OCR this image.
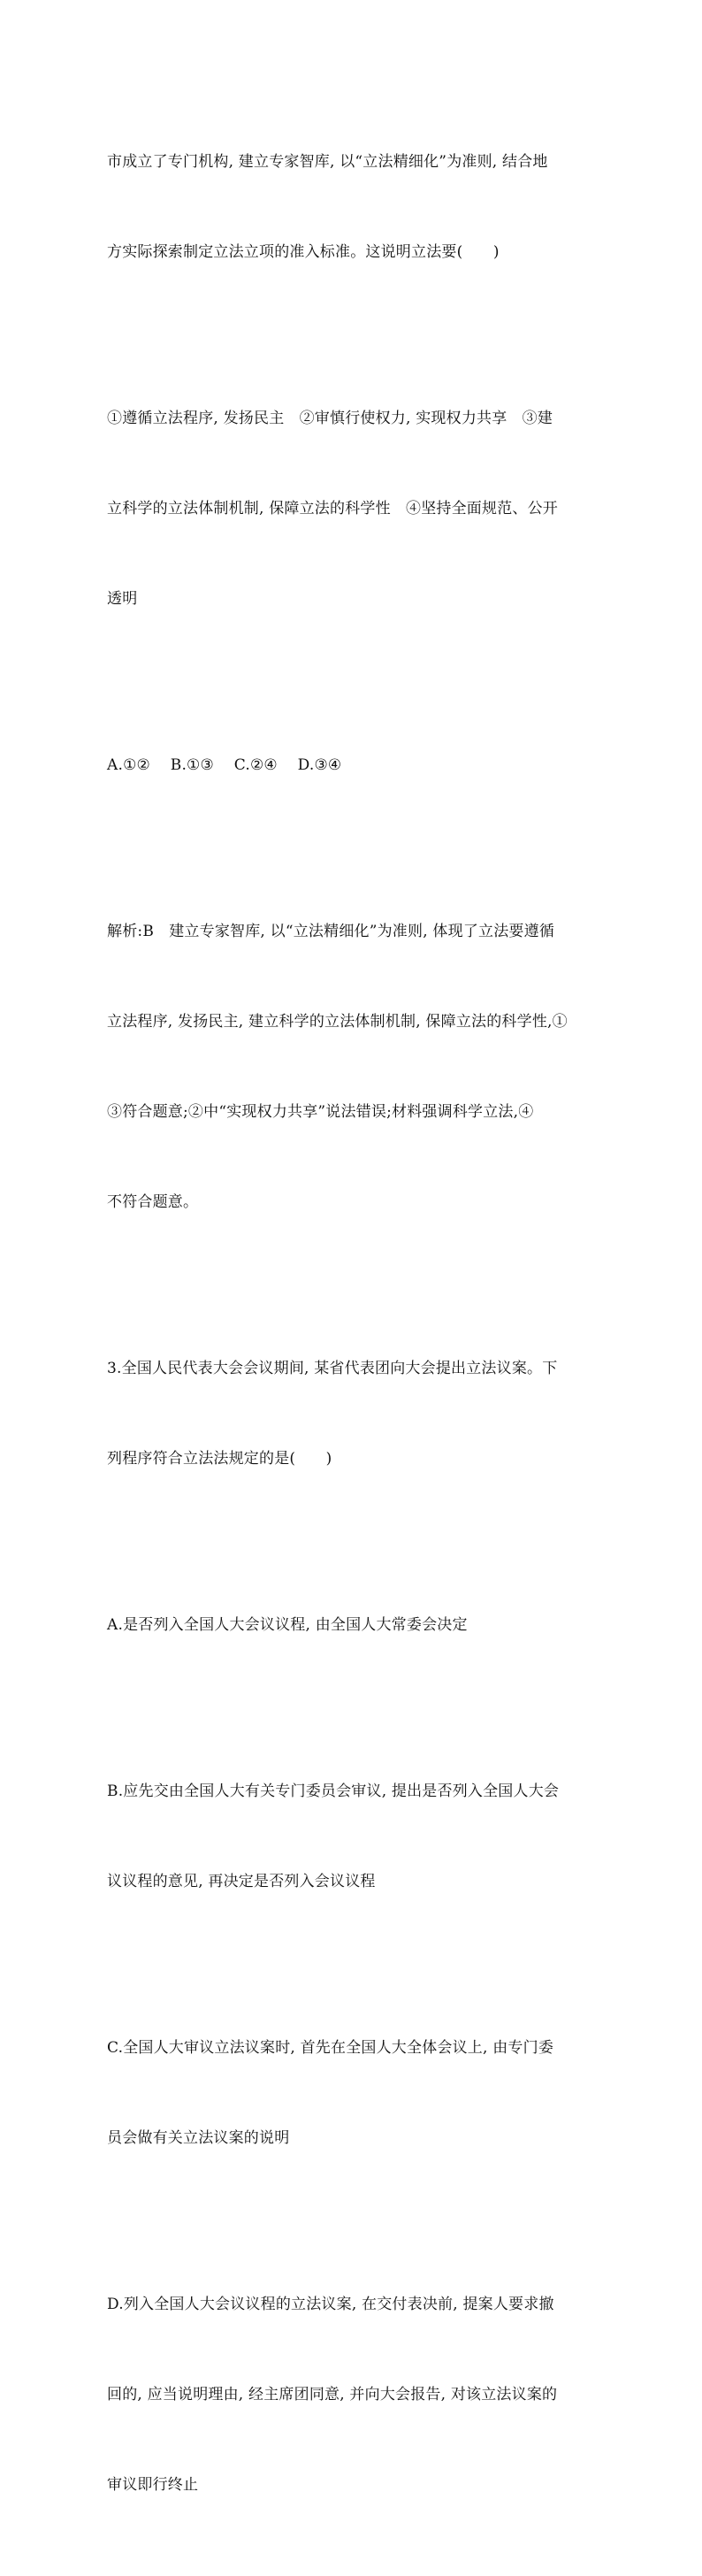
市成立了专门机构, 建立专家智库, 以“立法精细化”为准则, 结合地

方实际探索制定立法立项的准入标准。这说明立法要(　　)

①遵循立法程序, 发扬民主　②审慎行使权力, 实现权力共享　③建

立科学的立法体制机制, 保障立法的科学性　④坚持全面规范、公开

透明

A.①②　 B.①③　 C.②④　 D.③④

解析:B　建立专家智库, 以“立法精细化”为准则, 体现了立法要遵循

立法程序, 发扬民主, 建立科学的立法体制机制, 保障立法的科学性,①

③符合题意;②中“实现权力共享”说法错误;材料强调科学立法,④

不符合题意。

3.全国人民代表大会会议期间, 某省代表团向大会提出立法议案。下

列程序符合立法法规定的是(　　)

A.是否列入全国人大会议议程, 由全国人大常委会决定

B.应先交由全国人大有关专门委员会审议, 提出是否列入全国人大会

议议程的意见, 再决定是否列入会议议程

C.全国人大审议立法议案时, 首先在全国人大全体会议上, 由专门委

员会做有关立法议案的说明

D.列入全国人大会议议程的立法议案, 在交付表决前, 提案人要求撤

回的, 应当说明理由, 经主席团同意, 并向大会报告, 对该立法议案的

审议即行终止
